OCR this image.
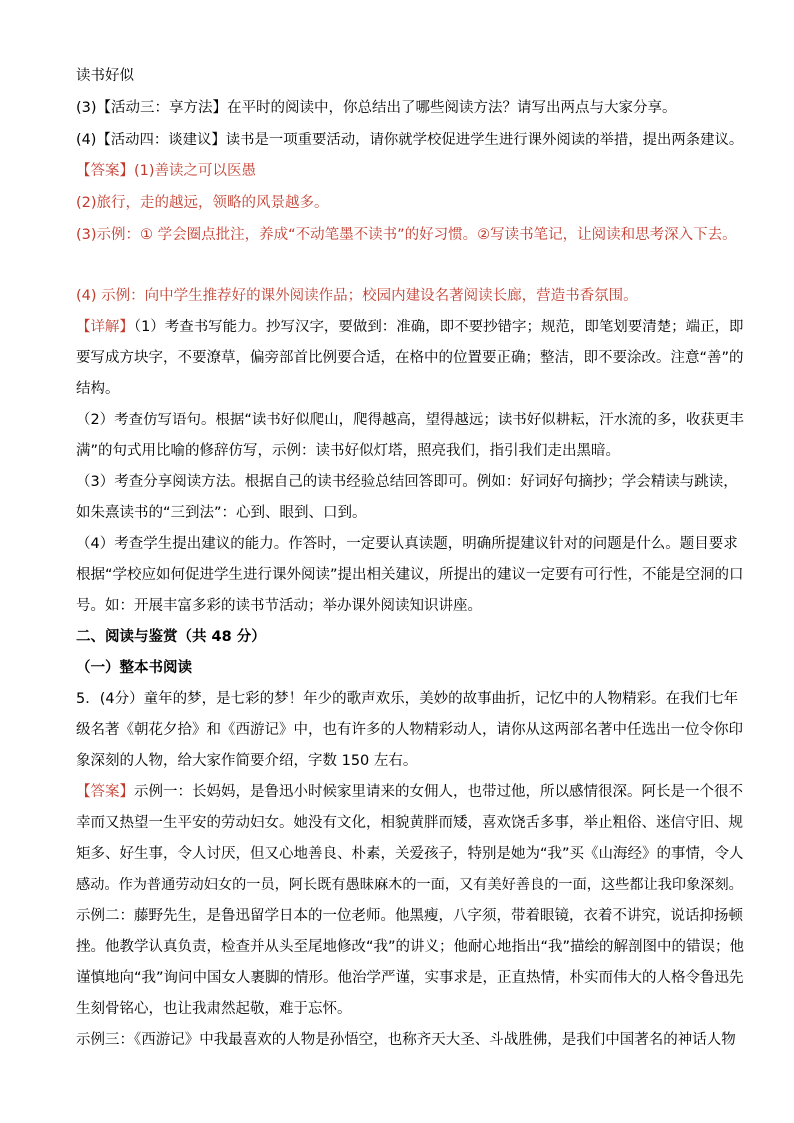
读书好似
(3)【活动三：享方法】在平时的阅读中，你总结出了哪些阅读方法？请写出两点与大家分享。
(4)【活动四：谈建议】读书是一项重要活动，请你就学校促进学生进行课外阅读的举措，提出两条建议。
【答案】(1)善读之可以医愚
(2)旅行，走的越远，领略的风景越多。
(3)示例：① 学会圈点批注，养成“不动笔墨不读书”的好习惯。②写读书笔记，让阅读和思考深入下去。
(4) 示例：向中学生推荐好的课外阅读作品；校园内建设名著阅读长廊，营造书香氛围。
【详解】（1）考查书写能力。抄写汉字，要做到：准确，即不要抄错字；规范，即笔划要清楚；端正，即
要写成方块字，不要潦草，偏旁部首比例要合适，在格中的位置要正确；整洁，即不要涂改。注意“善”的
结构。
（2）考查仿写语句。根据“读书好似爬山，爬得越高，望得越远；读书好似耕耘，汗水流的多，收获更丰
满”的句式用比喻的修辞仿写，示例：读书好似灯塔，照亮我们，指引我们走出黑暗。
（3）考查分享阅读方法。根据自己的读书经验总结回答即可。例如：好词好句摘抄；学会精读与跳读，
如朱熹读书的“三到法”：心到、眼到、口到。
（4）考查学生提出建议的能力。作答时，一定要认真读题，明确所提建议针对的问题是什么。题目要求
根据“学校应如何促进学生进行课外阅读”提出相关建议，所提出的建议一定要有可行性，不能是空洞的口
号。如：开展丰富多彩的读书节活动；举办课外阅读知识讲座。
二、阅读与鉴赏（共 48 分）
（一）整本书阅读
5．(4分）童年的梦，是七彩的梦！年少的歌声欢乐，美妙的故事曲折，记忆中的人物精彩。在我们七年
级名著《朝花夕拾》和《西游记》中，也有许多的人物精彩动人，请你从这两部名著中任选出一位令你印
象深刻的人物，给大家作简要介绍，字数 150 左右。
【答案】示例一：长妈妈，是鲁迅小时候家里请来的女佣人，也带过他，所以感情很深。阿长是一个很不
幸而又热望一生平安的劳动妇女。她没有文化，相貌黄胖而矮，喜欢饶舌多事，举止粗俗、迷信守旧、规
矩多、好生事，令人讨厌，但又心地善良、朴素，关爱孩子，特别是她为“我”买《山海经》的事情，令人
感动。作为普通劳动妇女的一员，阿长既有愚昧麻木的一面，又有美好善良的一面，这些都让我印象深刻。
示例二：藤野先生，是鲁迅留学日本的一位老师。他黑瘦，八字须，带着眼镜，衣着不讲究，说话抑扬顿
挫。他教学认真负责，检查并从头至尾地修改“我”的讲义；他耐心地指出“我”描绘的解剖图中的错误；他
谨慎地向“我”询问中国女人裹脚的情形。他治学严谨，实事求是，正直热情，朴实而伟大的人格令鲁迅先
生刻骨铭心，也让我肃然起敬，难于忘怀。
示例三：《西游记》中我最喜欢的人物是孙悟空，也称齐天大圣、斗战胜佛，是我们中国著名的神话人物
